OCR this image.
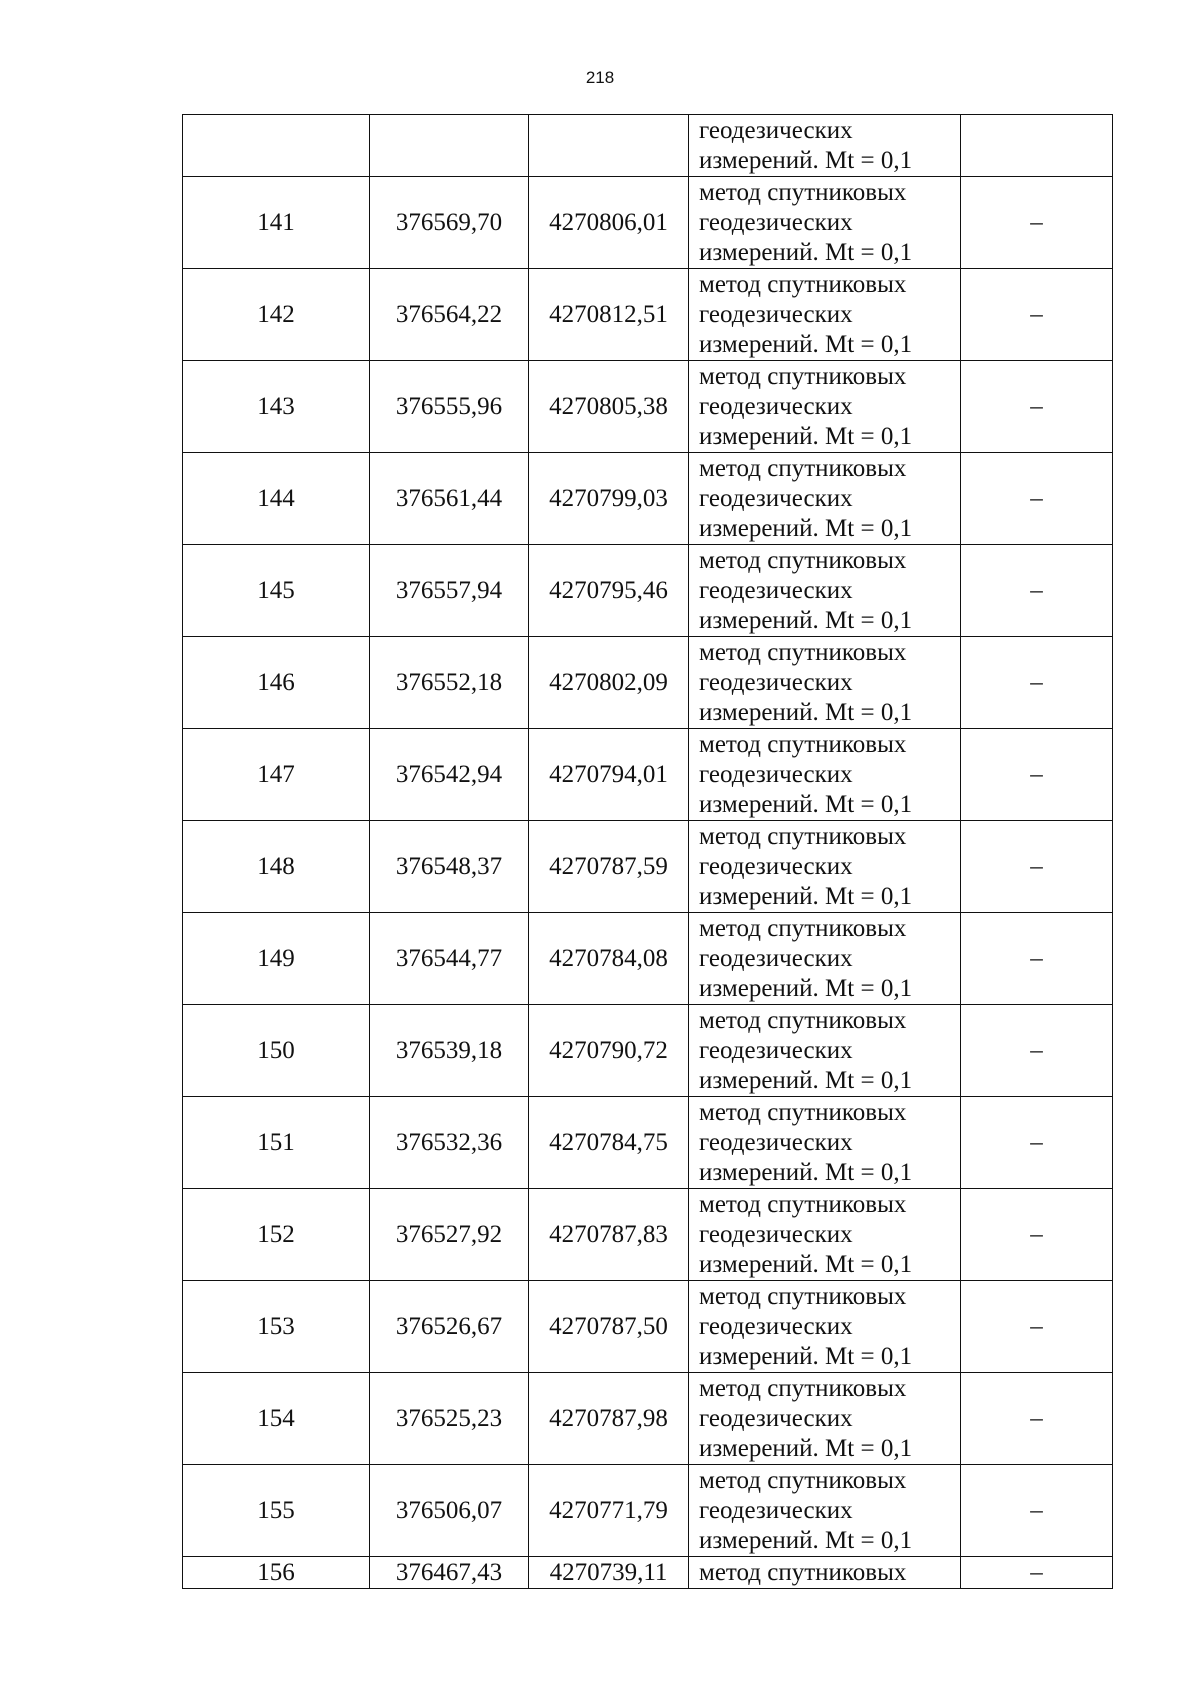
218
			геодезических
измерений. Mt = 0,1	
141	376569,70	4270806,01	метод спутниковых
геодезических
измерений. Mt = 0,1	–
142	376564,22	4270812,51	метод спутниковых
геодезических
измерений. Mt = 0,1	–
143	376555,96	4270805,38	метод спутниковых
геодезических
измерений. Mt = 0,1	–
144	376561,44	4270799,03	метод спутниковых
геодезических
измерений. Mt = 0,1	–
145	376557,94	4270795,46	метод спутниковых
геодезических
измерений. Mt = 0,1	–
146	376552,18	4270802,09	метод спутниковых
геодезических
измерений. Mt = 0,1	–
147	376542,94	4270794,01	метод спутниковых
геодезических
измерений. Mt = 0,1	–
148	376548,37	4270787,59	метод спутниковых
геодезических
измерений. Mt = 0,1	–
149	376544,77	4270784,08	метод спутниковых
геодезических
измерений. Mt = 0,1	–
150	376539,18	4270790,72	метод спутниковых
геодезических
измерений. Mt = 0,1	–
151	376532,36	4270784,75	метод спутниковых
геодезических
измерений. Mt = 0,1	–
152	376527,92	4270787,83	метод спутниковых
геодезических
измерений. Mt = 0,1	–
153	376526,67	4270787,50	метод спутниковых
геодезических
измерений. Mt = 0,1	–
154	376525,23	4270787,98	метод спутниковых
геодезических
измерений. Mt = 0,1	–
155	376506,07	4270771,79	метод спутниковых
геодезических
измерений. Mt = 0,1	–
156	376467,43	4270739,11	метод спутниковых	–
